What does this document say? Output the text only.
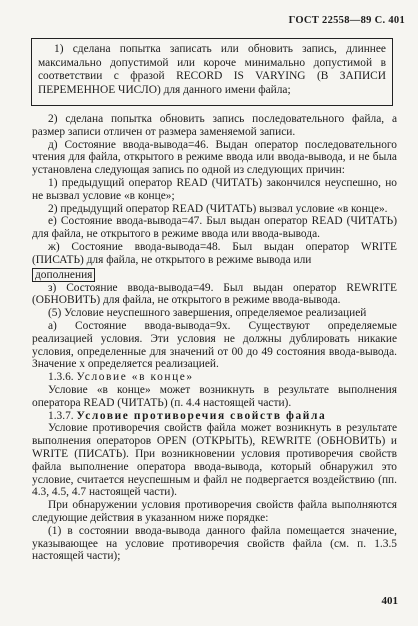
ГОСТ 22558—89 С. 401
1) сделана попытка записать или обновить запись, длиннее максимально допустимой или короче минимально допустимой в соответствии с фразой RECORD IS VARYING (В ЗАПИСИ ПЕРЕМЕННОЕ ЧИСЛО) для данного имени файла;

2) сделана попытка обновить запись последовательного файла, а размер записи отличен от размера заменяемой записи.

д) Состояние ввода-вывода=46. Выдан оператор последовательного чтения для файла, открытого в режиме ввода или ввода-вывода, и не была установлена следующая запись по одной из следующих причин:

1) предыдущий оператор READ (ЧИТАТЬ) закончился неуспешно, но не вызвал условие «в конце»;

2) предыдущий оператор READ (ЧИТАТЬ) вызвал условие «в конце».

е) Состояние ввода-вывода=47. Был выдан оператор READ (ЧИТАТЬ) для файла, не открытого в режиме ввода или ввода-вывода.

ж) Состояние ввода-вывода=48. Был выдан оператор WRITE (ПИСАТЬ) для файла, не открытого в режиме вывода или
дополнения

з) Состояние ввода-вывода=49. Был выдан оператор REWRITE (ОБНОВИТЬ) для файла, не открытого в режиме ввода-вывода.

(5) Условие неуспешного завершения, определяемое реализацией

а) Состояние ввода-вывода=9x. Существуют определяемые реализацией условия. Эти условия не должны дублировать никакие условия, определенные для значений от 00 до 49 состояния ввода-вывода. Значение x определяется реализацией.

1.3.6. Условие «в конце»

Условие «в конце» может возникнуть в результате выполнения оператора READ (ЧИТАТЬ) (п. 4.4 настоящей части).

1.3.7. Условие противоречия свойств файла

Условие противоречия свойств файла может возникнуть в результате выполнения операторов OPEN (ОТКРЫТЬ), REWRITE (ОБНОВИТЬ) и WRITE (ПИСАТЬ). При возникновении условия противоречия свойств файла выполнение оператора ввода-вывода, который обнаружил это условие, считается неуспешным и файл не подвергается воздействию (пп. 4.3, 4.5, 4.7 настоящей части).

При обнаружении условия противоречия свойств файла выполняются следующие действия в указанном ниже порядке:

(1) в состоянии ввода-вывода данного файла помещается значение, указывающее на условие противоречия свойств файла (см. п. 1.3.5 настоящей части);

401
